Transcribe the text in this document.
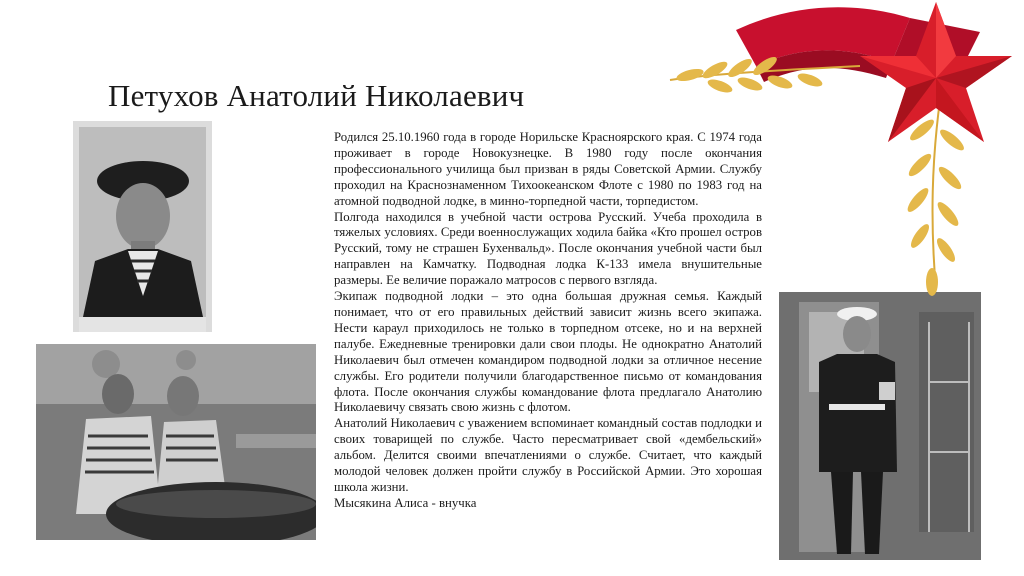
Петухов Анатолий Николаевич

Родился 25.10.1960 года в городе Норильске Красноярского края. С 1974 года проживает в городе Новокузнецке. В 1980 году после окончания профессионального училища был призван в ряды Советской Армии. Службу проходил на Краснознаменном Тихоокеанском Флоте с 1980 по 1983 год на атомной подводной лодке, в минно-торпедной части, торпедистом.

Полгода находился в учебной части острова Русский. Учеба проходила в тяжелых условиях. Среди военнослужащих ходила байка «Кто прошел остров Русский, тому не страшен Бухенвальд». После окончания учебной части был направлен на Камчатку. Подводная лодка К-133 имела внушительные размеры. Ее величие поражало матросов с первого взгляда.

Экипаж подводной лодки – это одна большая дружная семья. Каждый понимает, что от его правильных действий зависит жизнь всего экипажа. Нести караул приходилось не только в торпедном отсеке, но и на верхней палубе. Ежедневные тренировки дали свои плоды. Не однократно Анатолий Николаевич был отмечен командиром подводной лодки за отличное несение службы. Его родители получили благодарственное письмо от командования флота. После окончания службы командование флота предлагало Анатолию Николаевичу связать свою жизнь с флотом.

Анатолий Николаевич с уважением вспоминает командный состав подлодки и своих товарищей по службе. Часто пересматривает свой «дембельский» альбом. Делится своими впечатлениями о службе. Считает, что каждый молодой человек должен пройти службу в Российской Армии. Это хорошая школа жизни.

Мысякина Алиса - внучка
